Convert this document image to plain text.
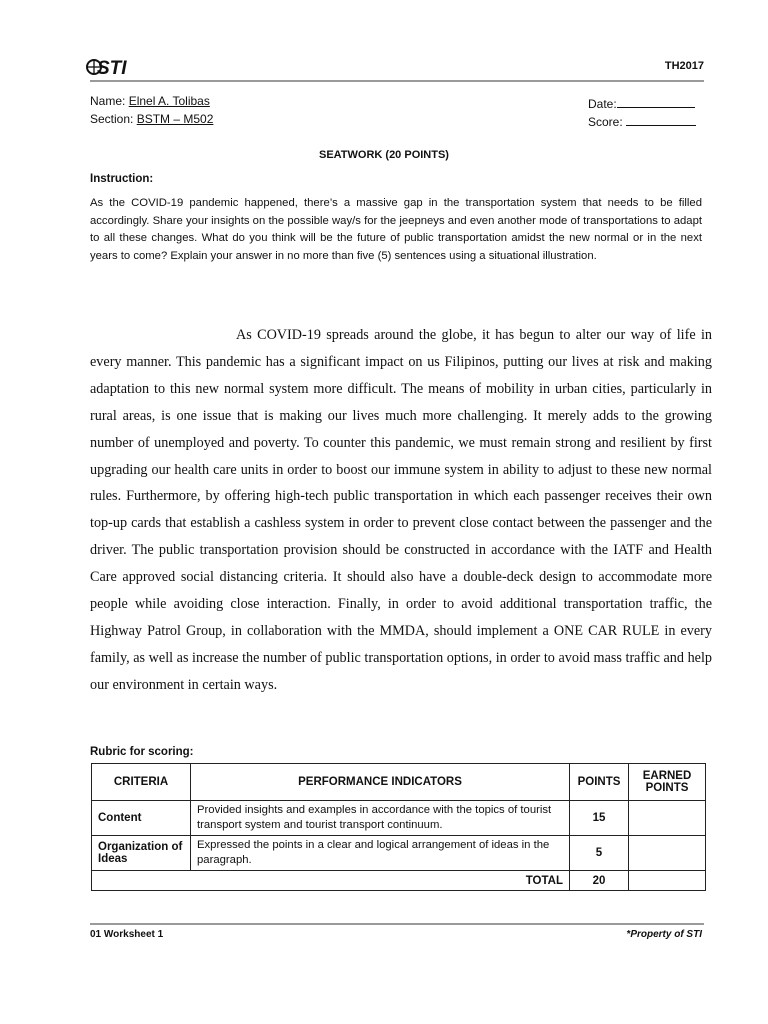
STI	TH2017
Name: Elnel A. Tolibas
Section: BSTM – M502
Date:
Score:
SEATWORK (20 POINTS)
Instruction:
As the COVID-19 pandemic happened, there’s a massive gap in the transportation system that needs to be filled accordingly. Share your insights on the possible way/s for the jeepneys and even another mode of transportations to adapt to all these changes. What do you think will be the future of public transportation amidst the new normal or in the next years to come? Explain your answer in no more than five (5) sentences using a situational illustration.
As COVID-19 spreads around the globe, it has begun to alter our way of life in every manner. This pandemic has a significant impact on us Filipinos, putting our lives at risk and making adaptation to this new normal system more difficult. The means of mobility in urban cities, particularly in rural areas, is one issue that is making our lives much more challenging. It merely adds to the growing number of unemployed and poverty. To counter this pandemic, we must remain strong and resilient by first upgrading our health care units in order to boost our immune system in ability to adjust to these new normal rules. Furthermore, by offering high-tech public transportation in which each passenger receives their own top-up cards that establish a cashless system in order to prevent close contact between the passenger and the driver. The public transportation provision should be constructed in accordance with the IATF and Health Care approved social distancing criteria. It should also have a double-deck design to accommodate more people while avoiding close interaction. Finally, in order to avoid additional transportation traffic, the Highway Patrol Group, in collaboration with the MMDA, should implement a ONE CAR RULE in every family, as well as increase the number of public transportation options, in order to avoid mass traffic and help our environment in certain ways.
Rubric for scoring:
CRITERIA	PERFORMANCE INDICATORS	POINTS	EARNED POINTS
Content	Provided insights and examples in accordance with the topics of tourist transport system and tourist transport continuum.	15	
Organization of Ideas	Expressed the points in a clear and logical arrangement of ideas in the paragraph.	5	
TOTAL		20	
01 Worksheet 1	*Property of STI
